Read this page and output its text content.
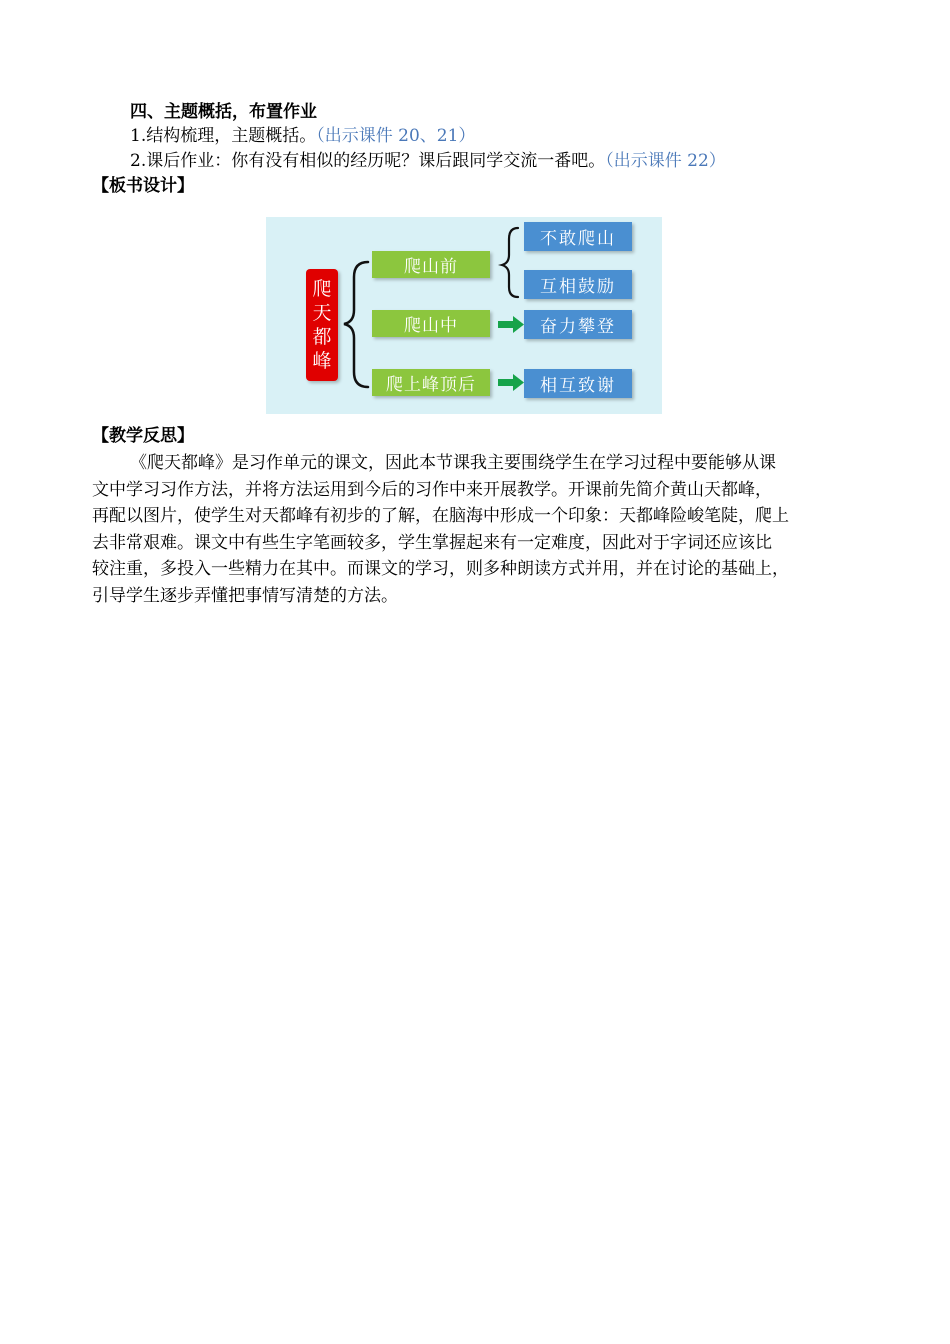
四、主题概括，布置作业
1.结构梳理，主题概括。（出示课件 20、21）
2.课后作业：你有没有相似的经历呢？课后跟同学交流一番吧。（出示课件 22）
【板书设计】
爬
天
都
峰
爬山前
爬山中
爬上峰顶后
不敢爬山
互相鼓励
奋力攀登
相互致谢
【教学反思】
《爬天都峰》是习作单元的课文，因此本节课我主要围绕学生在学习过程中要能够从课
文中学习习作方法，并将方法运用到今后的习作中来开展教学。开课前先简介黄山天都峰，
再配以图片，使学生对天都峰有初步的了解，在脑海中形成一个印象：天都峰险峻笔陡，爬上
去非常艰难。课文中有些生字笔画较多，学生掌握起来有一定难度，因此对于字词还应该比
较注重，多投入一些精力在其中。而课文的学习，则多种朗读方式并用，并在讨论的基础上，
引导学生逐步弄懂把事情写清楚的方法。
